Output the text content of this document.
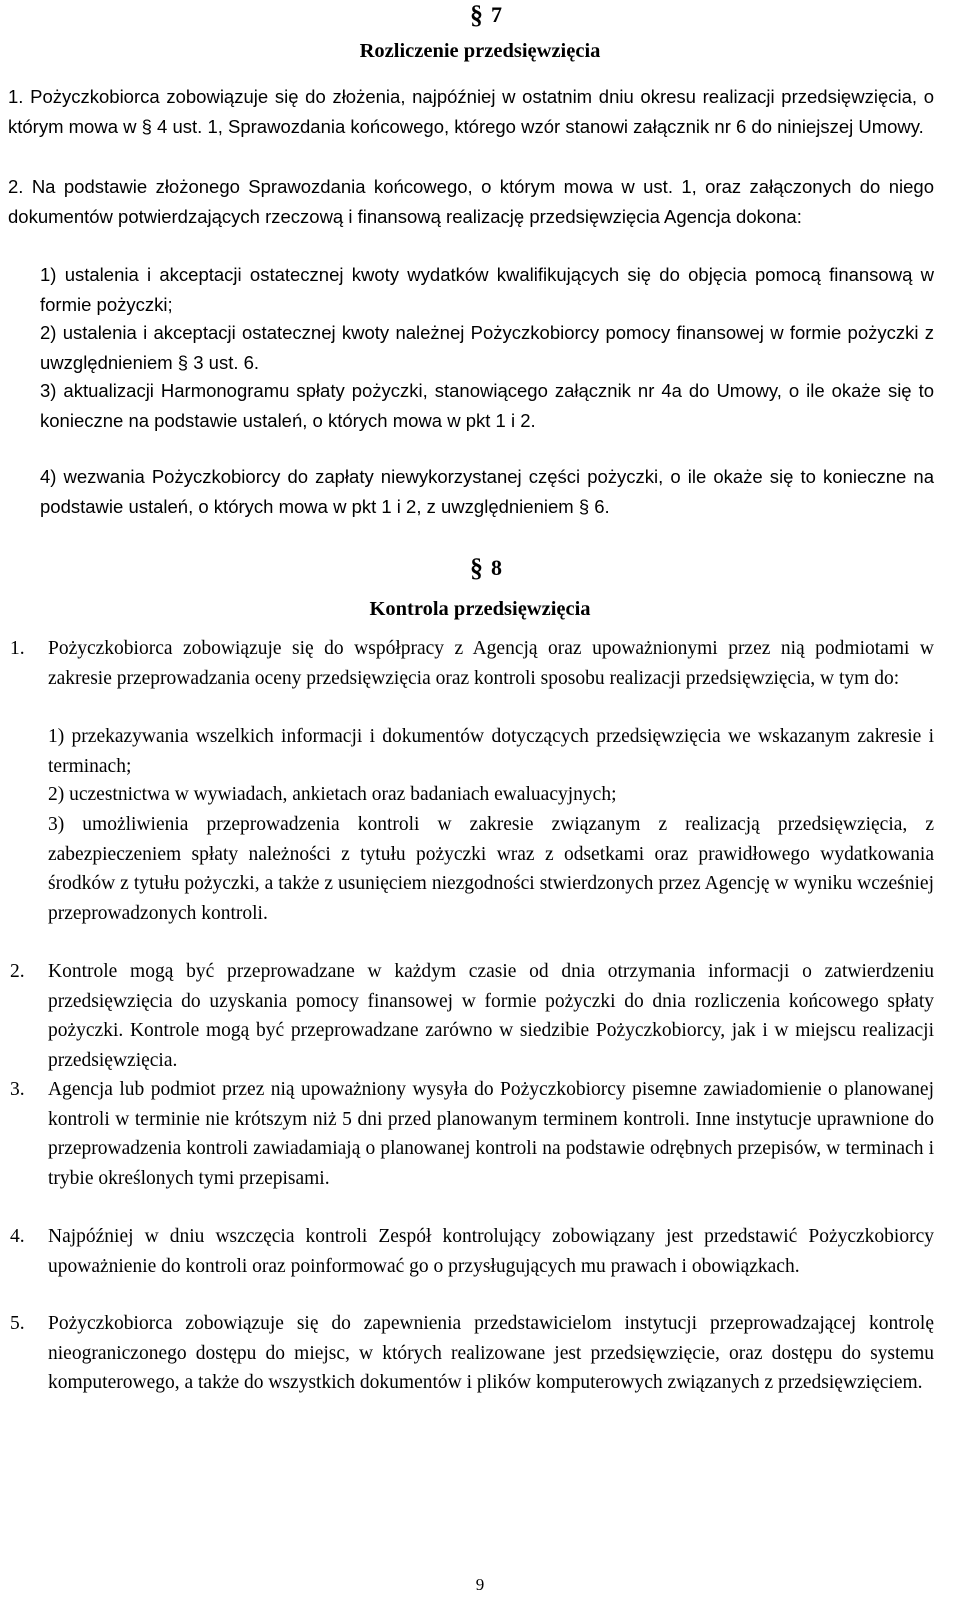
§ 7
Rozliczenie przedsięwzięcia

1. Pożyczkobiorca zobowiązuje się do złożenia, najpóźniej w ostatnim dniu okresu realizacji przedsięwzięcia, o którym mowa w § 4 ust. 1, Sprawozdania końcowego, którego wzór stanowi załącznik nr 6 do niniejszej Umowy.

2. Na podstawie złożonego Sprawozdania końcowego, o którym mowa w ust. 1, oraz załączonych do niego dokumentów potwierdzających rzeczową i finansową realizację przedsięwzięcia Agencja dokona:

1) ustalenia i akceptacji ostatecznej kwoty wydatków kwalifikujących się do objęcia pomocą finansową w formie pożyczki;

2) ustalenia i akceptacji ostatecznej kwoty należnej Pożyczkobiorcy pomocy finansowej w formie pożyczki z uwzględnieniem § 3 ust. 6.

3) aktualizacji Harmonogramu spłaty pożyczki, stanowiącego załącznik nr 4a do Umowy, o ile okaże się to konieczne na podstawie ustaleń, o których mowa w pkt 1 i 2.

4) wezwania Pożyczkobiorcy do zapłaty niewykorzystanej części pożyczki, o ile okaże się to konieczne na podstawie ustaleń, o których mowa w pkt 1 i 2, z uwzględnieniem § 6.

§ 8
Kontrola przedsięwzięcia
1. Pożyczkobiorca zobowiązuje się do współpracy z Agencją oraz upoważnionymi przez nią podmiotami w zakresie przeprowadzania oceny przedsięwzięcia oraz kontroli sposobu realizacji przedsięwzięcia, w tym do:

1) przekazywania wszelkich informacji i dokumentów dotyczących przedsięwzięcia we wskazanym zakresie i terminach;

2) uczestnictwa w wywiadach, ankietach oraz badaniach ewaluacyjnych;

3) umożliwienia przeprowadzenia kontroli w zakresie związanym z realizacją przedsięwzięcia, z zabezpieczeniem spłaty należności z tytułu pożyczki wraz z odsetkami oraz prawidłowego wydatkowania środków z tytułu pożyczki, a także z usunięciem niezgodności stwierdzonych przez Agencję w wyniku wcześniej przeprowadzonych kontroli.

2. Kontrole mogą być przeprowadzane w każdym czasie od dnia otrzymania informacji o zatwierdzeniu przedsięwzięcia do uzyskania pomocy finansowej w formie pożyczki do dnia rozliczenia końcowego spłaty pożyczki. Kontrole mogą być przeprowadzane zarówno w siedzibie Pożyczkobiorcy, jak i w miejscu realizacji przedsięwzięcia.

3. Agencja lub podmiot przez nią upoważniony wysyła do Pożyczkobiorcy pisemne zawiadomienie o planowanej kontroli w terminie nie krótszym niż 5 dni przed planowanym terminem kontroli. Inne instytucje uprawnione do przeprowadzenia kontroli zawiadamiają o planowanej kontroli na podstawie odrębnych przepisów, w terminach i trybie określonych tymi przepisami.

4. Najpóźniej w dniu wszczęcia kontroli Zespół kontrolujący zobowiązany jest przedstawić Pożyczkobiorcy upoważnienie do kontroli oraz poinformować go o przysługujących mu prawach i obowiązkach.

5. Pożyczkobiorca zobowiązuje się do zapewnienia przedstawicielom instytucji przeprowadzającej kontrolę nieograniczonego dostępu do miejsc, w których realizowane jest przedsięwzięcie, oraz dostępu do systemu komputerowego, a także do wszystkich dokumentów i plików komputerowych związanych z przedsięwzięciem.

9
